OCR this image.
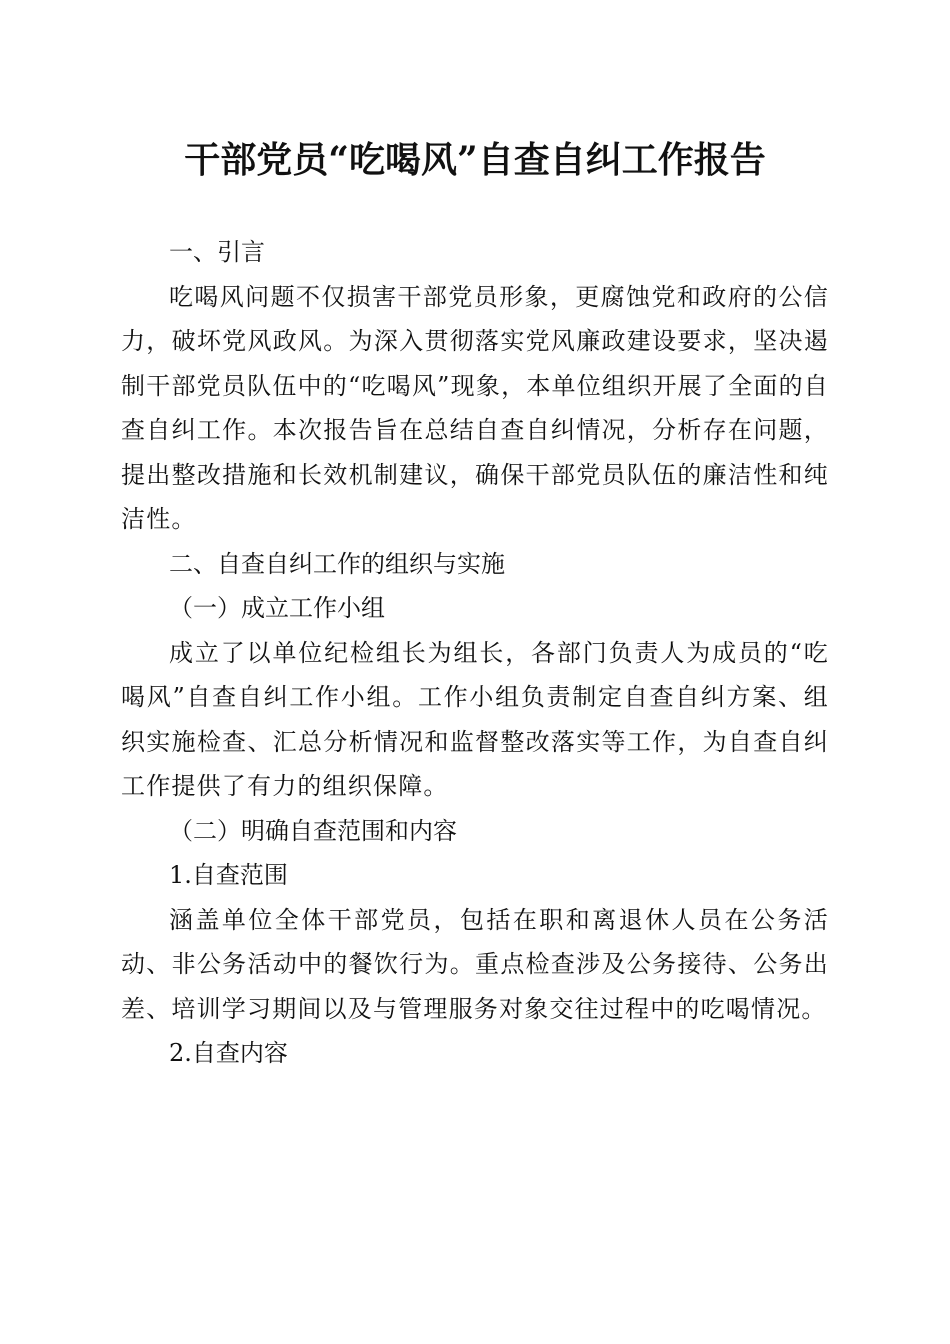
干部党员“吃喝风”自查自纠工作报告

一、引言

吃喝风问题不仅损害干部党员形象，更腐蚀党和政府的公信力，破坏党风政风。为深入贯彻落实党风廉政建设要求，坚决遏制干部党员队伍中的“吃喝风”现象，本单位组织开展了全面的自查自纠工作。本次报告旨在总结自查自纠情况，分析存在问题，提出整改措施和长效机制建议，确保干部党员队伍的廉洁性和纯洁性。

二、自查自纠工作的组织与实施

（一）成立工作小组

成立了以单位纪检组长为组长，各部门负责人为成员的“吃喝风”自查自纠工作小组。工作小组负责制定自查自纠方案、组织实施检查、汇总分析情况和监督整改落实等工作，为自查自纠工作提供了有力的组织保障。

（二）明确自查范围和内容

1.自查范围

涵盖单位全体干部党员，包括在职和离退休人员在公务活动、非公务活动中的餐饮行为。重点检查涉及公务接待、公务出差、培训学习期间以及与管理服务对象交往过程中的吃喝情况。

2.自查内容
